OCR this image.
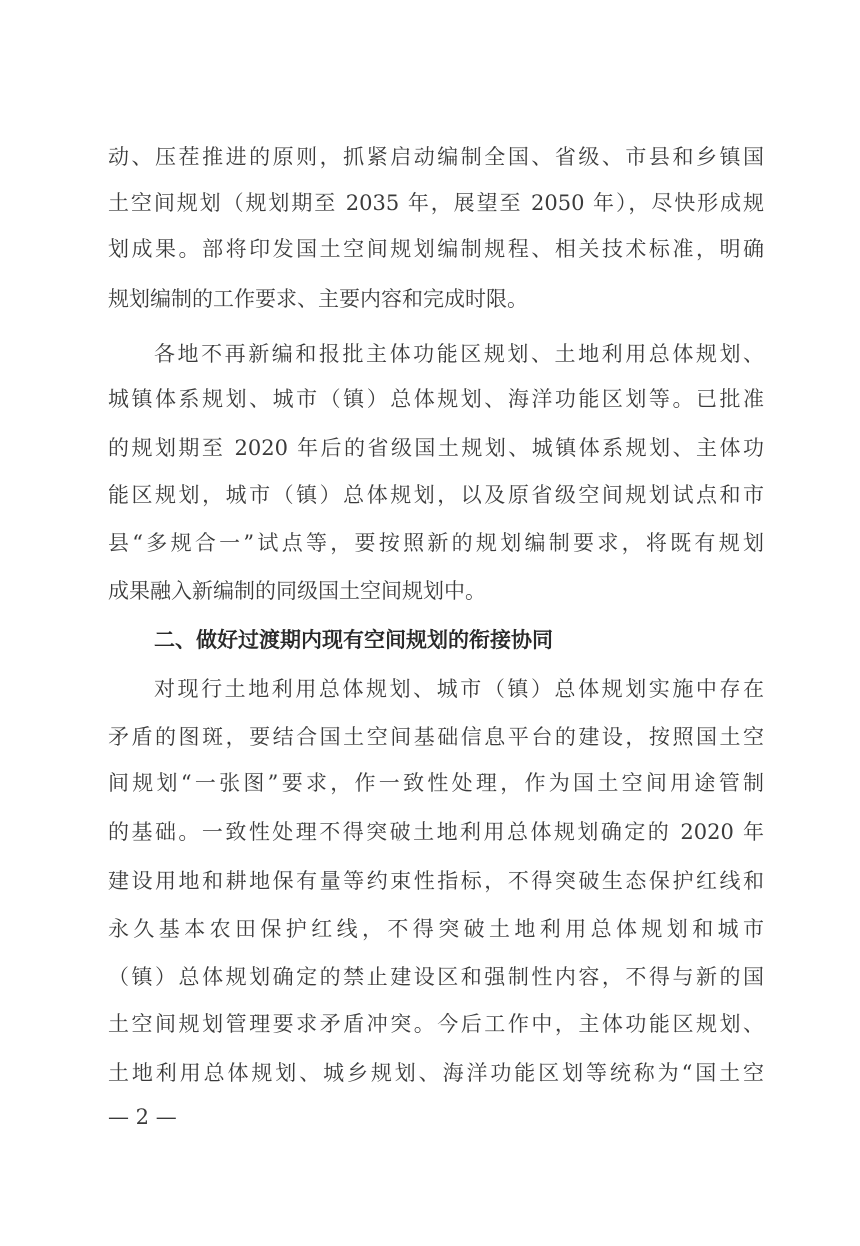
动、压茬推进的原则，抓紧启动编制全国、省级、市县和乡镇国
土空间规划（规划期至 2035 年，展望至 2050 年），尽快形成规
划成果。部将印发国土空间规划编制规程、相关技术标准，明确
规划编制的工作要求、主要内容和完成时限。
各地不再新编和报批主体功能区规划、土地利用总体规划、
城镇体系规划、城市（镇）总体规划、海洋功能区划等。已批准
的规划期至 2020 年后的省级国土规划、城镇体系规划、主体功
能区规划，城市（镇）总体规划，以及原省级空间规划试点和市
县“多规合一”试点等，要按照新的规划编制要求，将既有规划
成果融入新编制的同级国土空间规划中。
二、做好过渡期内现有空间规划的衔接协同
对现行土地利用总体规划、城市（镇）总体规划实施中存在
矛盾的图斑，要结合国土空间基础信息平台的建设，按照国土空
间规划“一张图”要求，作一致性处理，作为国土空间用途管制
的基础。一致性处理不得突破土地利用总体规划确定的 2020 年
建设用地和耕地保有量等约束性指标，不得突破生态保护红线和
永久基本农田保护红线，不得突破土地利用总体规划和城市
（镇）总体规划确定的禁止建设区和强制性内容，不得与新的国
土空间规划管理要求矛盾冲突。今后工作中，主体功能区规划、
土地利用总体规划、城乡规划、海洋功能区划等统称为“国土空
— 2 —
